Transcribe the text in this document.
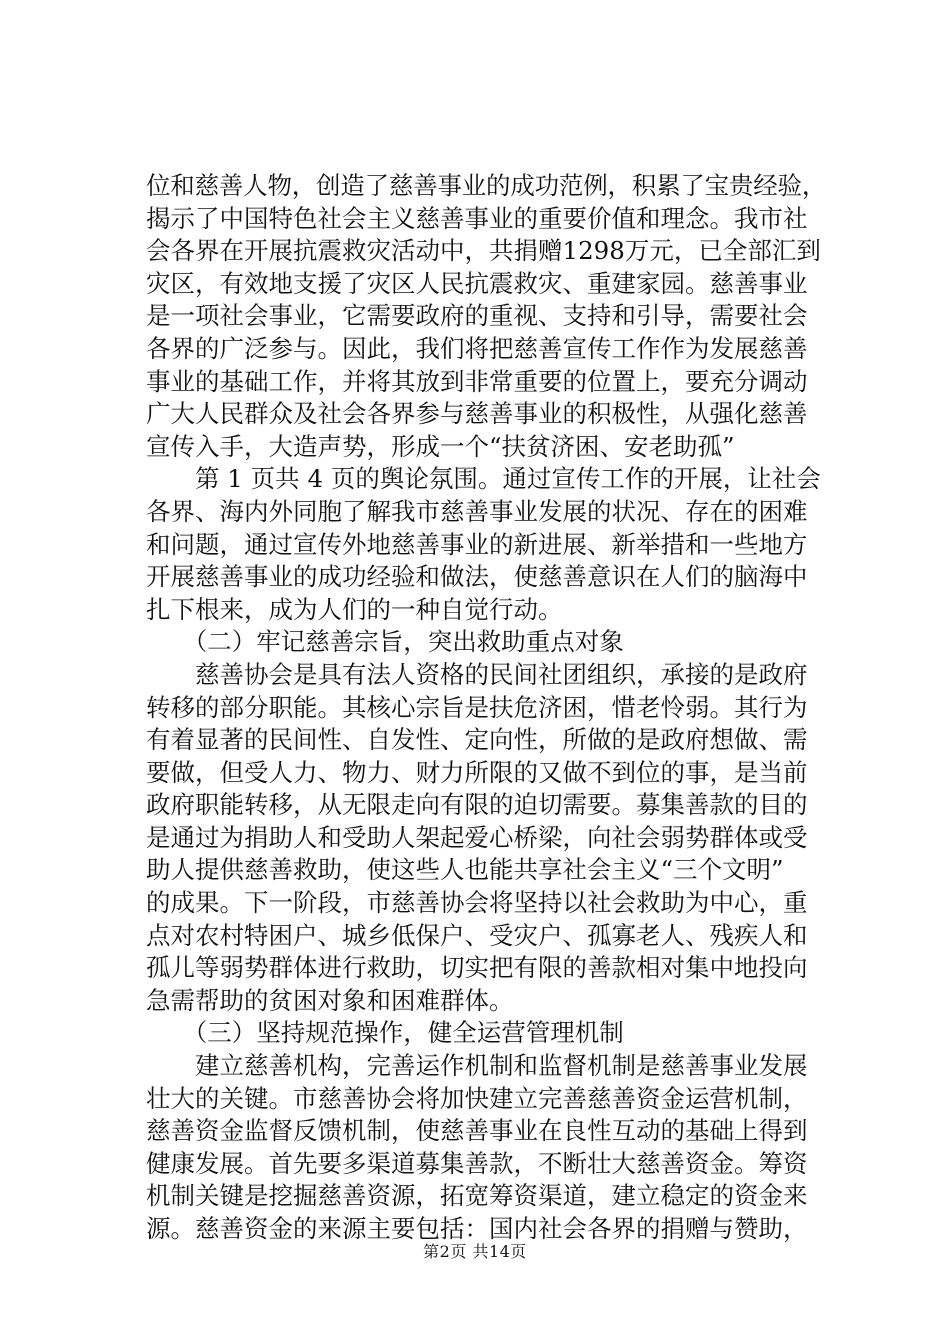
位和慈善人物，创造了慈善事业的成功范例，积累了宝贵经验，
揭示了中国特色社会主义慈善事业的重要价值和理念。我市社
会各界在开展抗震救灾活动中，共捐赠1298万元，已全部汇到
灾区，有效地支援了灾区人民抗震救灾、重建家园。慈善事业
是一项社会事业，它需要政府的重视、支持和引导，需要社会
各界的广泛参与。因此，我们将把慈善宣传工作作为发展慈善
事业的基础工作，并将其放到非常重要的位置上，要充分调动
广大人民群众及社会各界参与慈善事业的积极性，从强化慈善
宣传入手，大造声势，形成一个“扶贫济困、安老助孤”
　　第 1 页共 4 页的舆论氛围。通过宣传工作的开展，让社会
各界、海内外同胞了解我市慈善事业发展的状况、存在的困难
和问题，通过宣传外地慈善事业的新进展、新举措和一些地方
开展慈善事业的成功经验和做法，使慈善意识在人们的脑海中
扎下根来，成为人们的一种自觉行动。
　　（二）牢记慈善宗旨，突出救助重点对象
　　慈善协会是具有法人资格的民间社团组织，承接的是政府
转移的部分职能。其核心宗旨是扶危济困，惜老怜弱。其行为
有着显著的民间性、自发性、定向性，所做的是政府想做、需
要做，但受人力、物力、财力所限的又做不到位的事，是当前
政府职能转移，从无限走向有限的迫切需要。募集善款的目的
是通过为捐助人和受助人架起爱心桥梁，向社会弱势群体或受
助人提供慈善救助，使这些人也能共享社会主义“三个文明”
的成果。下一阶段，市慈善协会将坚持以社会救助为中心，重
点对农村特困户、城乡低保户、受灾户、孤寡老人、残疾人和
孤儿等弱势群体进行救助，切实把有限的善款相对集中地投向
急需帮助的贫困对象和困难群体。
　　（三）坚持规范操作，健全运营管理机制
　　建立慈善机构，完善运作机制和监督机制是慈善事业发展
壮大的关键。市慈善协会将加快建立完善慈善资金运营机制，
慈善资金监督反馈机制，使慈善事业在良性互动的基础上得到
健康发展。首先要多渠道募集善款，不断壮大慈善资金。筹资
机制关键是挖掘慈善资源，拓宽筹资渠道，建立稳定的资金来
源。慈善资金的来源主要包括：国内社会各界的捐赠与赞助，
第2页 共14页
